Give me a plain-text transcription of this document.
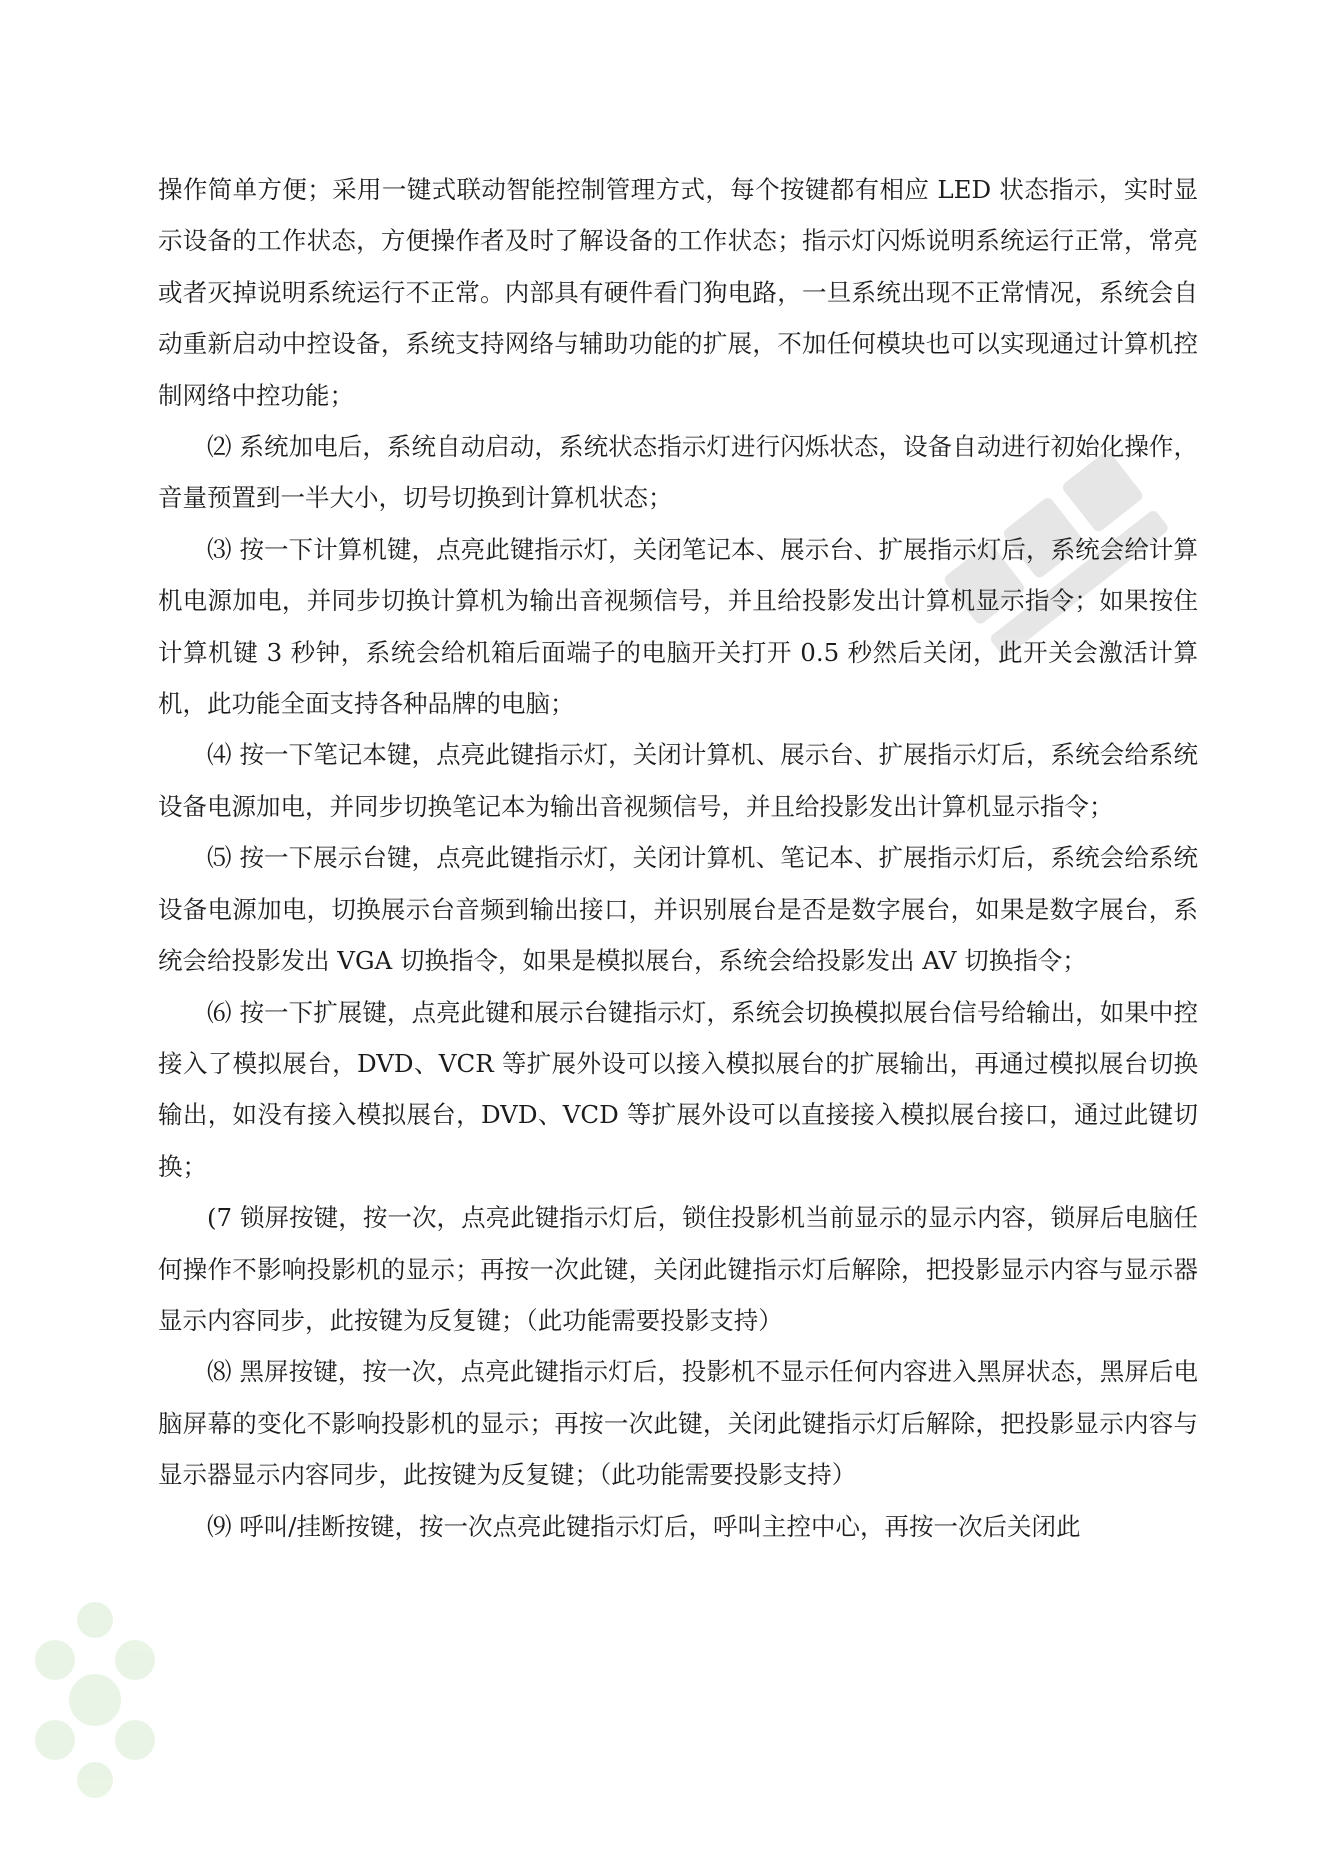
操作简单方便；采用一键式联动智能控制管理方式，每个按键都有相应 LED 状态指示，实时显示设备的工作状态，方便操作者及时了解设备的工作状态；指示灯闪烁说明系统运行正常，常亮或者灭掉说明系统运行不正常。内部具有硬件看门狗电路，一旦系统出现不正常情况，系统会自动重新启动中控设备，系统支持网络与辅助功能的扩展，不加任何模块也可以实现通过计算机控制网络中控功能；

⑵ 系统加电后，系统自动启动，系统状态指示灯进行闪烁状态，设备自动进行初始化操作，音量预置到一半大小，切号切换到计算机状态；

⑶ 按一下计算机键，点亮此键指示灯，关闭笔记本、展示台、扩展指示灯后，系统会给计算机电源加电，并同步切换计算机为输出音视频信号，并且给投影发出计算机显示指令；如果按住计算机键 3 秒钟，系统会给机箱后面端子的电脑开关打开 0.5 秒然后关闭，此开关会激活计算机，此功能全面支持各种品牌的电脑；

⑷ 按一下笔记本键，点亮此键指示灯，关闭计算机、展示台、扩展指示灯后，系统会给系统设备电源加电，并同步切换笔记本为输出音视频信号，并且给投影发出计算机显示指令；

⑸ 按一下展示台键，点亮此键指示灯，关闭计算机、笔记本、扩展指示灯后，系统会给系统设备电源加电，切换展示台音频到输出接口，并识别展台是否是数字展台，如果是数字展台，系统会给投影发出 VGA 切换指令，如果是模拟展台，系统会给投影发出 AV 切换指令；

⑹ 按一下扩展键，点亮此键和展示台键指示灯，系统会切换模拟展台信号给输出，如果中控接入了模拟展台，DVD、VCR 等扩展外设可以接入模拟展台的扩展输出，再通过模拟展台切换输出，如没有接入模拟展台，DVD、VCD 等扩展外设可以直接接入模拟展台接口，通过此键切换；

(7 锁屏按键，按一次，点亮此键指示灯后，锁住投影机当前显示的显示内容，锁屏后电脑任何操作不影响投影机的显示；再按一次此键，关闭此键指示灯后解除，把投影显示内容与显示器显示内容同步，此按键为反复键；（此功能需要投影支持）

⑻ 黑屏按键，按一次，点亮此键指示灯后，投影机不显示任何内容进入黑屏状态，黑屏后电脑屏幕的变化不影响投影机的显示；再按一次此键，关闭此键指示灯后解除，把投影显示内容与显示器显示内容同步，此按键为反复键；（此功能需要投影支持）

⑼ 呼叫/挂断按键，按一次点亮此键指示灯后，呼叫主控中心，再按一次后关闭此
